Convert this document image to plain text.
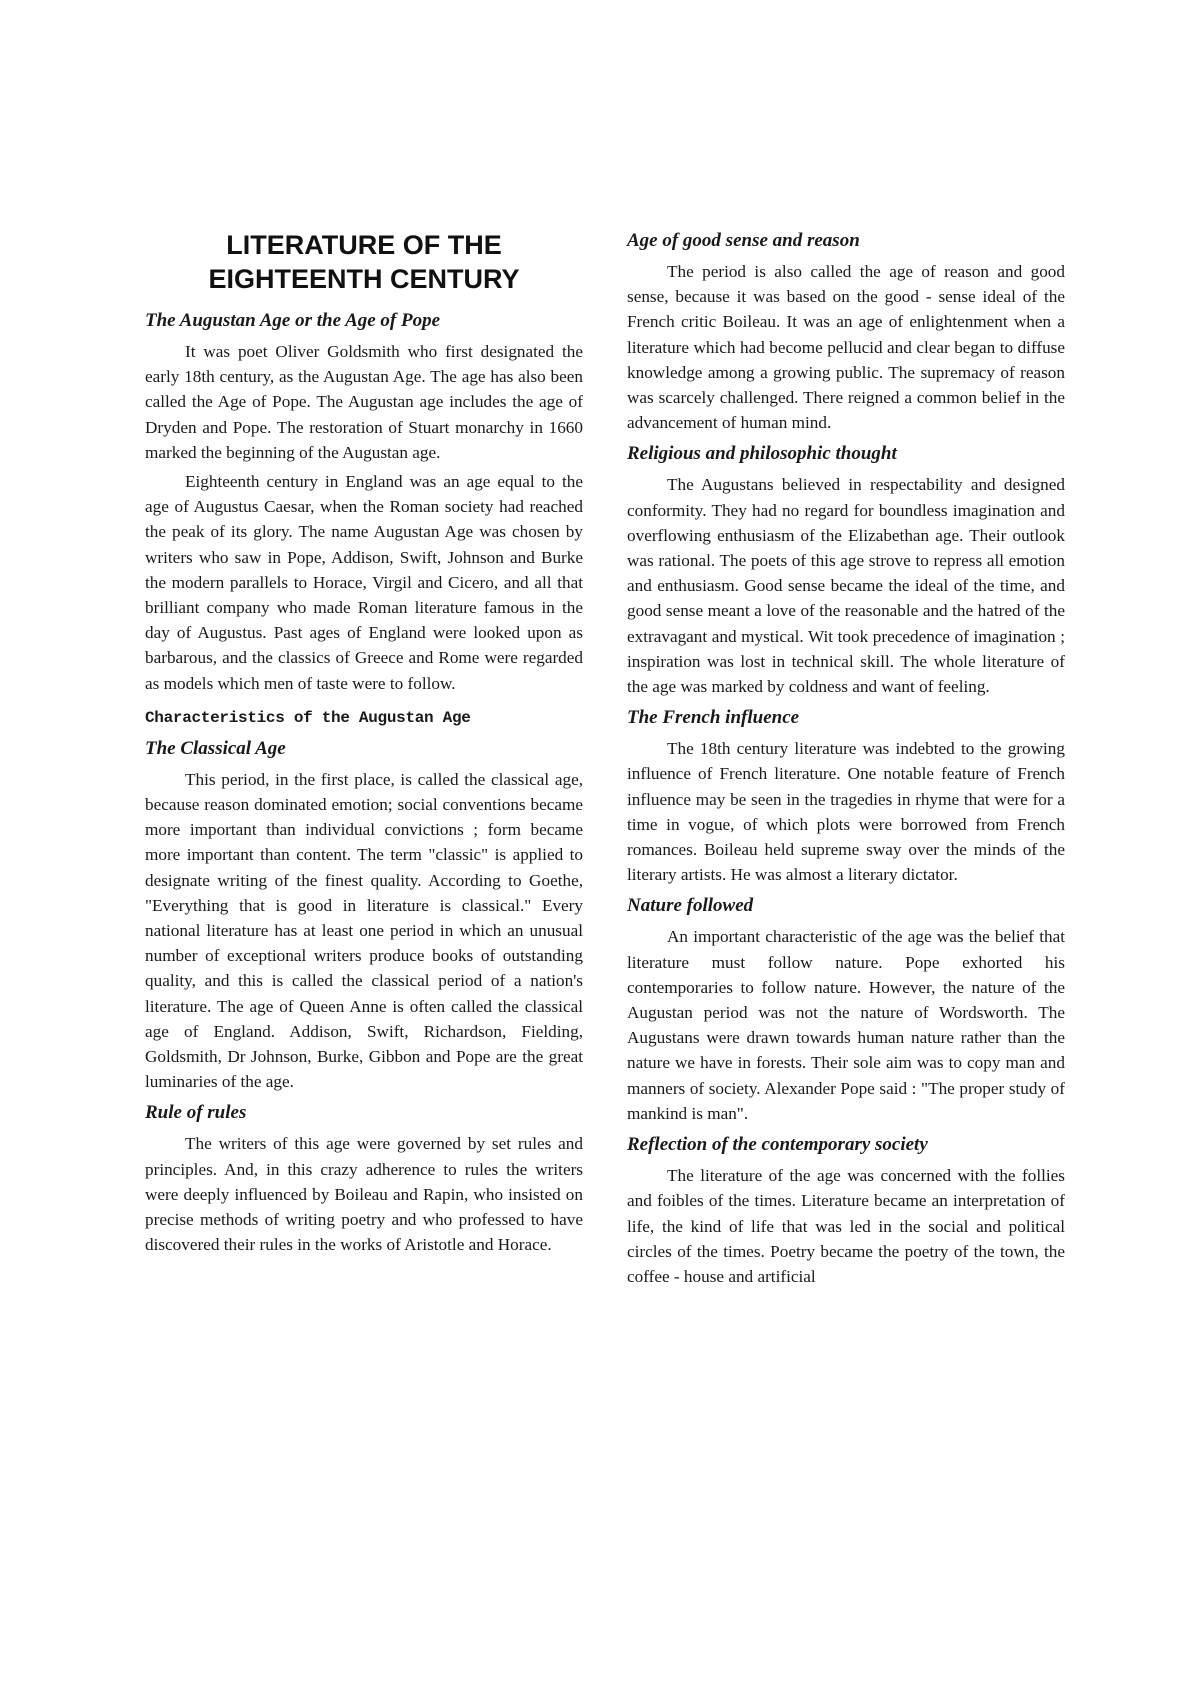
LITERATURE OF THE EIGHTEENTH CENTURY
The Augustan Age or the Age of Pope

It was poet Oliver Goldsmith who first designated the early 18th century, as the Augustan Age. The age has also been called the Age of Pope. The Augustan age includes the age of Dryden and Pope. The restoration of Stuart monarchy in 1660 marked the beginning of the Augustan age.

Eighteenth century in England was an age equal to the age of Augustus Caesar, when the Roman society had reached the peak of its glory. The name Augustan Age was chosen by writers who saw in Pope, Addison, Swift, Johnson and Burke the modern parallels to Horace, Virgil and Cicero, and all that brilliant company who made Roman literature famous in the day of Augustus. Past ages of England were looked upon as barbarous, and the classics of Greece and Rome were regarded as models which men of taste were to follow.

Characteristics of the Augustan Age
The Classical Age

This period, in the first place, is called the classical age, because reason dominated emotion; social conventions became more important than individual convictions ; form became more important than content. The term "classic" is applied to designate writing of the finest quality. According to Goethe, "Everything that is good in literature is classical." Every national literature has at least one period in which an unusual number of exceptional writers produce books of outstanding quality, and this is called the classical period of a nation's literature. The age of Queen Anne is often called the classical age of England. Addison, Swift, Richardson, Fielding, Goldsmith, Dr Johnson, Burke, Gibbon and Pope are the great luminaries of the age.

Rule of rules

The writers of this age were governed by set rules and principles. And, in this crazy adherence to rules the writers were deeply influenced by Boileau and Rapin, who insisted on precise methods of writing poetry and who professed to have discovered their rules in the works of Aristotle and Horace.

Age of good sense and reason

The period is also called the age of reason and good sense, because it was based on the good - sense ideal of the French critic Boileau. It was an age of enlightenment when a literature which had become pellucid and clear began to diffuse knowledge among a growing public. The supremacy of reason was scarcely challenged. There reigned a common belief in the advancement of human mind.

Religious and philosophic thought

The Augustans believed in respectability and designed conformity. They had no regard for boundless imagination and overflowing enthusiasm of the Elizabethan age. Their outlook was rational. The poets of this age strove to repress all emotion and enthusiasm. Good sense became the ideal of the time, and good sense meant a love of the reasonable and the hatred of the extravagant and mystical. Wit took precedence of imagination ; inspiration was lost in technical skill. The whole literature of the age was marked by coldness and want of feeling.

The French influence

The 18th century literature was indebted to the growing influence of French literature. One notable feature of French influence may be seen in the tragedies in rhyme that were for a time in vogue, of which plots were borrowed from French romances. Boileau held supreme sway over the minds of the literary artists. He was almost a literary dictator.

Nature followed

An important characteristic of the age was the belief that literature must follow nature. Pope exhorted his contemporaries to follow nature. However, the nature of the Augustan period was not the nature of Wordsworth. The Augustans were drawn towards human nature rather than the nature we have in forests. Their sole aim was to copy man and manners of society. Alexander Pope said : "The proper study of mankind is man".

Reflection of the contemporary society

The literature of the age was concerned with the follies and foibles of the times. Literature became an interpretation of life, the kind of life that was led in the social and political circles of the times. Poetry became the poetry of the town, the coffee - house and artificial
